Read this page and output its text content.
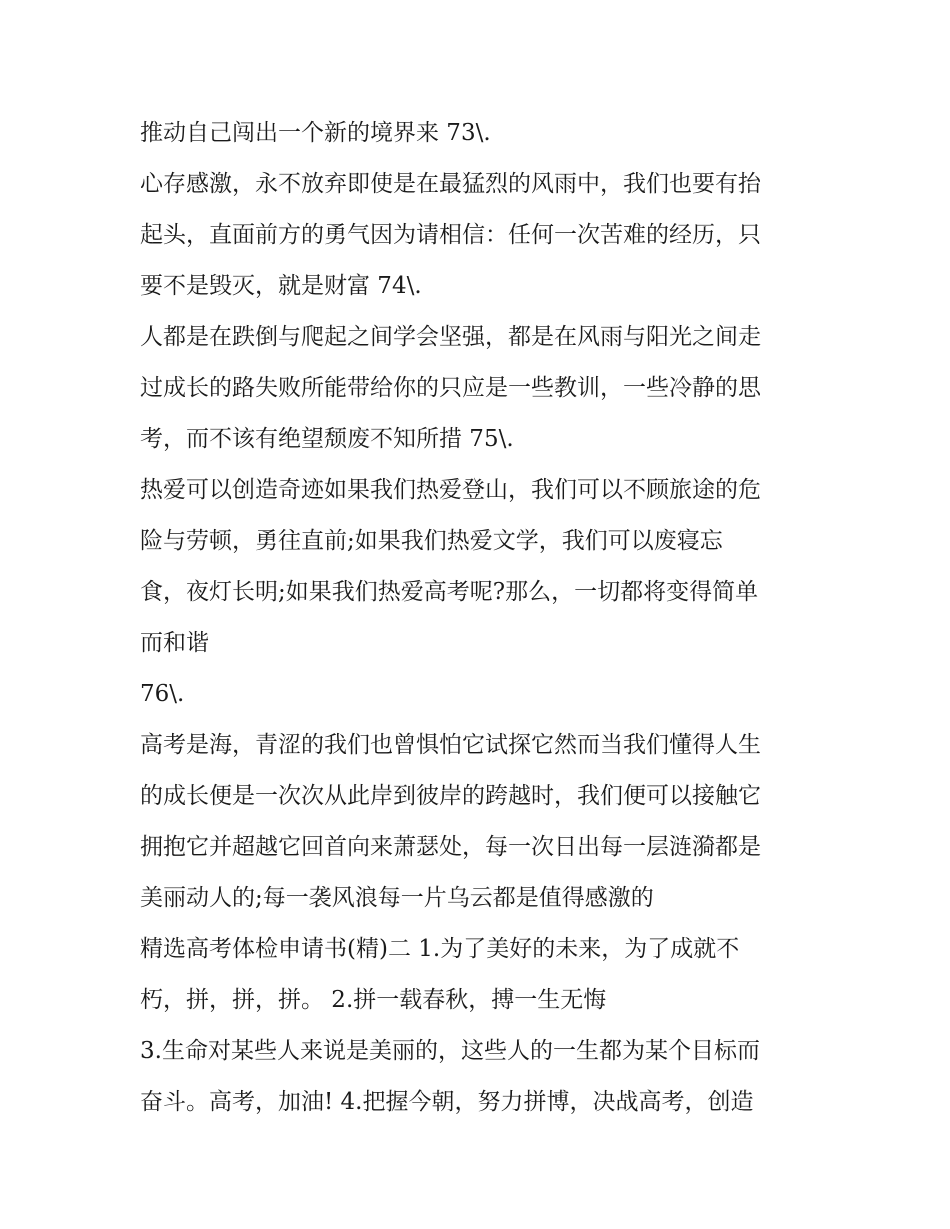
推动自己闯出一个新的境界来 73\.
心存感激，永不放弃即使是在最猛烈的风雨中，我们也要有抬
起头，直面前方的勇气因为请相信：任何一次苦难的经历，只
要不是毁灭，就是财富 74\.
人都是在跌倒与爬起之间学会坚强，都是在风雨与阳光之间走
过成长的路失败所能带给你的只应是一些教训，一些冷静的思
考，而不该有绝望颓废不知所措 75\.
热爱可以创造奇迹如果我们热爱登山，我们可以不顾旅途的危
险与劳顿，勇往直前;如果我们热爱文学，我们可以废寝忘
食，夜灯长明;如果我们热爱高考呢?那么，一切都将变得简单
而和谐
76\.
高考是海，青涩的我们也曾惧怕它试探它然而当我们懂得人生
的成长便是一次次从此岸到彼岸的跨越时，我们便可以接触它
拥抱它并超越它回首向来萧瑟处，每一次日出每一层涟漪都是
美丽动人的;每一袭风浪每一片乌云都是值得感激的
精选高考体检申请书(精)二 1.为了美好的未来，为了成就不
朽，拼，拼，拼。 2.拼一载春秋，搏一生无悔
3.生命对某些人来说是美丽的，这些人的一生都为某个目标而
奋斗。高考，加油! 4.把握今朝，努力拼博，决战高考，创造
